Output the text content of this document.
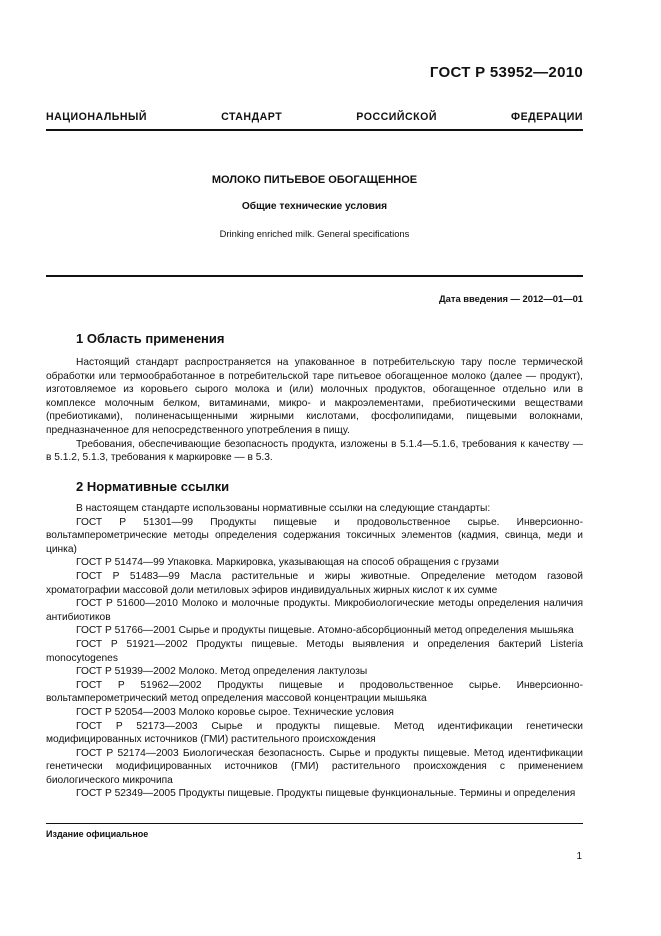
ГОСТ Р 53952—2010
НАЦИОНАЛЬНЫЙ СТАНДАРТ РОССИЙСКОЙ ФЕДЕРАЦИИ
МОЛОКО ПИТЬЕВОЕ ОБОГАЩЕННОЕ
Общие технические условия
Drinking enriched milk. General specifications
Дата введения — 2012—01—01
1 Область применения

Настоящий стандарт распространяется на упакованное в потребительскую тару после термической обработки или термообработанное в потребительской таре питьевое обогащенное молоко (далее — продукт), изготовляемое из коровьего сырого молока и (или) молочных продуктов, обогащенное отдельно или в комплексе молочным белком, витаминами, микро- и макроэлементами, пребиотическими веществами (пребиотиками), полиненасыщенными жирными кислотами, фосфолипидами, пищевыми волокнами, предназначенное для непосредственного употребления в пищу.

Требования, обеспечивающие безопасность продукта, изложены в 5.1.4—5.1.6, требования к качеству — в 5.1.2, 5.1.3, требования к маркировке — в 5.3.

2 Нормативные ссылки

В настоящем стандарте использованы нормативные ссылки на следующие стандарты:

ГОСТ Р 51301—99 Продукты пищевые и продовольственное сырье. Инверсионно-вольтамперометрические методы определения содержания токсичных элементов (кадмия, свинца, меди и цинка)

ГОСТ Р 51474—99 Упаковка. Маркировка, указывающая на способ обращения с грузами

ГОСТ Р 51483—99 Масла растительные и жиры животные. Определение методом газовой хроматографии массовой доли метиловых эфиров индивидуальных жирных кислот к их сумме

ГОСТ Р 51600—2010 Молоко и молочные продукты. Микробиологические методы определения наличия антибиотиков

ГОСТ Р 51766—2001 Сырье и продукты пищевые. Атомно-абсорбционный метод определения мышьяка

ГОСТ Р 51921—2002 Продукты пищевые. Методы выявления и определения бактерий Listeria monocytogenes

ГОСТ Р 51939—2002 Молоко. Метод определения лактулозы

ГОСТ Р 51962—2002 Продукты пищевые и продовольственное сырье. Инверсионно-вольтамперометрический метод определения массовой концентрации мышьяка

ГОСТ Р 52054—2003 Молоко коровье сырое. Технические условия

ГОСТ Р 52173—2003 Сырье и продукты пищевые. Метод идентификации генетически модифицированных источников (ГМИ) растительного происхождения

ГОСТ Р 52174—2003 Биологическая безопасность. Сырье и продукты пищевые. Метод идентификации генетически модифицированных источников (ГМИ) растительного происхождения с применением биологического микрочипа

ГОСТ Р 52349—2005 Продукты пищевые. Продукты пищевые функциональные. Термины и определения

Издание официальное
1
